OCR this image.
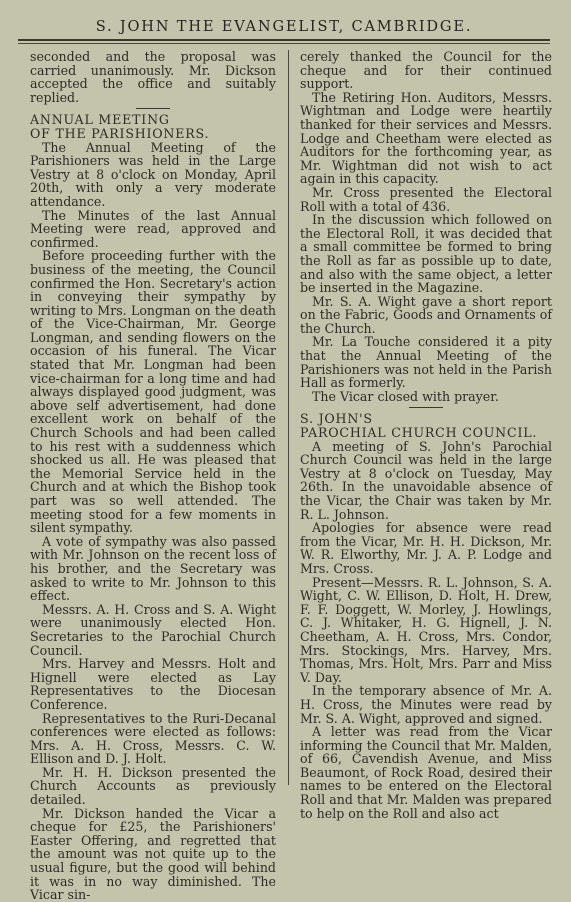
S. JOHN THE EVANGELIST, CAMBRIDGE.

seconded and the proposal was carried unanimously. Mr. Dickson accepted the office and suitably replied.

ANNUAL MEETING
OF THE PARISHIONERS.

The Annual Meeting of the Parishioners was held in the Large Vestry at 8 o'clock on Monday, April 20th, with only a very moderate attendance.

The Minutes of the last Annual Meeting were read, approved and confirmed.

Before proceeding further with the business of the meeting, the Council confirmed the Hon. Secretary's action in conveying their sympathy by writing to Mrs. Longman on the death of the Vice-Chairman, Mr. George Longman, and sending flowers on the occasion of his funeral. The Vicar stated that Mr. Longman had been vice-chairman for a long time and had always displayed good judgment, was above self advertisement, had done excellent work on behalf of the Church Schools and had been called to his rest with a suddenness which shocked us all. He was pleased that the Memorial Service held in the Church and at which the Bishop took part was so well attended. The meeting stood for a few moments in silent sympathy.

A vote of sympathy was also passed with Mr. Johnson on the recent loss of his brother, and the Secretary was asked to write to Mr. Johnson to this effect.

Messrs. A. H. Cross and S. A. Wight were unanimously elected Hon. Secretaries to the Parochial Church Council.

Mrs. Harvey and Messrs. Holt and Hignell were elected as Lay Representatives to the Diocesan Conference.

Representatives to the Ruri-Decanal conferences were elected as follows: Mrs. A. H. Cross, Messrs. C. W. Ellison and D. J. Holt.

Mr. H. H. Dickson presented the Church Accounts as previously detailed.

Mr. Dickson handed the Vicar a cheque for £25, the Parishioners' Easter Offering, and regretted that the amount was not quite up to the usual figure, but the good will behind it was in no way diminished. The Vicar sin-

cerely thanked the Council for the cheque and for their continued support.

The Retiring Hon. Auditors, Messrs. Wightman and Lodge were heartily thanked for their services and Messrs. Lodge and Cheetham were elected as Auditors for the forthcoming year, as Mr. Wightman did not wish to act again in this capacity.

Mr. Cross presented the Electoral Roll with a total of 436.

In the discussion which followed on the Electoral Roll, it was decided that a small committee be formed to bring the Roll as far as possible up to date, and also with the same object, a letter be inserted in the Magazine.

Mr. S. A. Wight gave a short report on the Fabric, Goods and Ornaments of the Church.

Mr. La Touche considered it a pity that the Annual Meeting of the Parishioners was not held in the Parish Hall as formerly.

The Vicar closed with prayer.

S. JOHN'S
PAROCHIAL CHURCH COUNCIL.

A meeting of S. John's Parochial Church Council was held in the large Vestry at 8 o'clock on Tuesday, May 26th. In the unavoidable absence of the Vicar, the Chair was taken by Mr. R. L. Johnson.

Apologies for absence were read from the Vicar, Mr. H. H. Dickson, Mr. W. R. Elworthy, Mr. J. A. P. Lodge and Mrs. Cross.

Present—Messrs. R. L. Johnson, S. A. Wight, C. W. Ellison, D. Holt, H. Drew, F. F. Doggett, W. Morley, J. Howlings, C. J. Whitaker, H. G. Hignell, J. N. Cheetham, A. H. Cross, Mrs. Condor, Mrs. Stockings, Mrs. Harvey, Mrs. Thomas, Mrs. Holt, Mrs. Parr and Miss V. Day.

In the temporary absence of Mr. A. H. Cross, the Minutes were read by Mr. S. A. Wight, approved and signed.

A letter was read from the Vicar informing the Council that Mr. Malden, of 66, Cavendish Avenue, and Miss Beaumont, of Rock Road, desired their names to be entered on the Electoral Roll and that Mr. Malden was prepared to help on the Roll and also act
